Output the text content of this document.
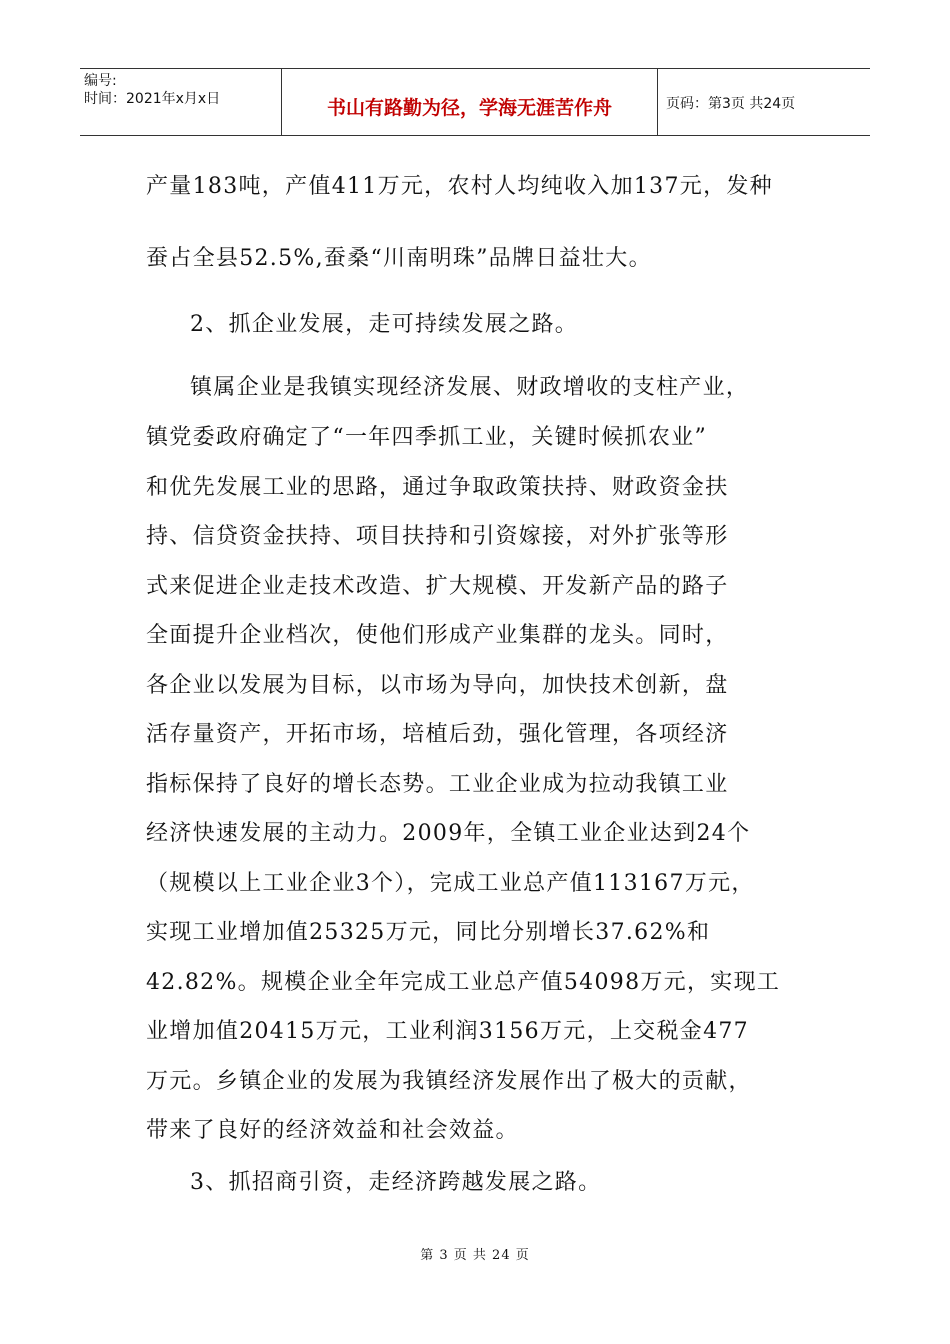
编号:
时间：2021年x月x日	书山有路勤为径，学海无涯苦作舟	页码：第3页 共24页
产量183吨，产值411万元，农村人均纯收入加137元，发种
蚕占全县52.5%,蚕桑“川南明珠”品牌日益壮大。
2、抓企业发展，走可持续发展之路。
镇属企业是我镇实现经济发展、财政增收的支柱产业，
镇党委政府确定了“一年四季抓工业，关键时候抓农业”
和优先发展工业的思路，通过争取政策扶持、财政资金扶
持、信贷资金扶持、项目扶持和引资嫁接，对外扩张等形
式来促进企业走技术改造、扩大规模、开发新产品的路子
全面提升企业档次，使他们形成产业集群的龙头。同时，
各企业以发展为目标，以市场为导向，加快技术创新，盘
活存量资产，开拓市场，培植后劲，强化管理，各项经济
指标保持了良好的增长态势。工业企业成为拉动我镇工业
经济快速发展的主动力。2009年，全镇工业企业达到24个
（规模以上工业企业3个），完成工业总产值113167万元，
实现工业增加值25325万元，同比分别增长37.62%和
42.82%。规模企业全年完成工业总产值54098万元，实现工
业增加值20415万元，工业利润3156万元，上交税金477
万元。乡镇企业的发展为我镇经济发展作出了极大的贡献，
带来了良好的经济效益和社会效益。
3、抓招商引资，走经济跨越发展之路。
第 3 页 共 24 页
